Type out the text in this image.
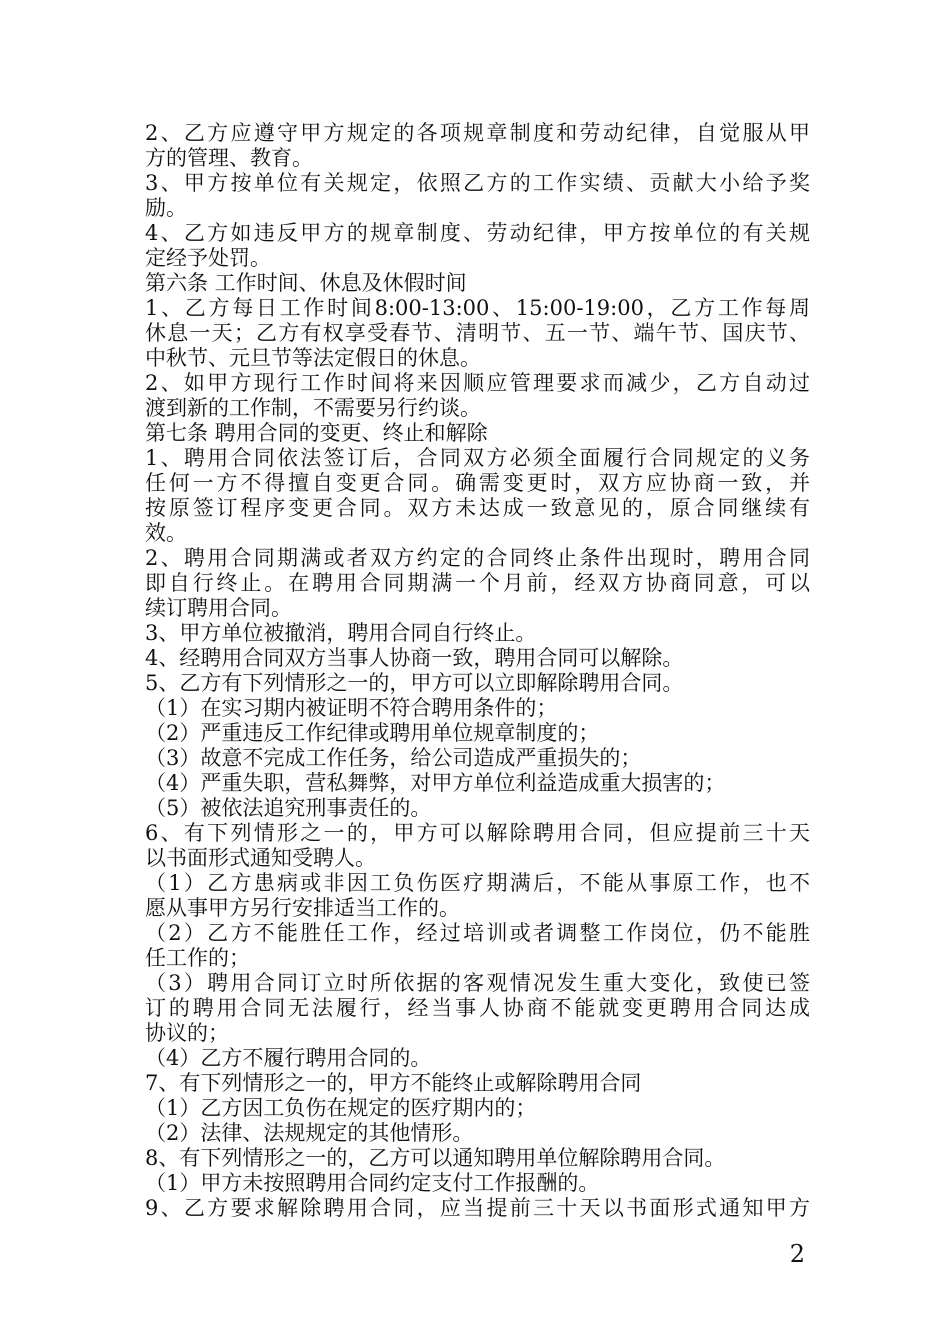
2、乙方应遵守甲方规定的各项规章制度和劳动纪律，自觉服从甲
方的管理、教育。
3、甲方按单位有关规定，依照乙方的工作实绩、贡献大小给予奖
励。
4、乙方如违反甲方的规章制度、劳动纪律，甲方按单位的有关规
定经予处罚。
第六条 工作时间、休息及休假时间
1、乙方每日工作时间8:00-13:00、15:00-19:00，乙方工作每周
休息一天；乙方有权享受春节、清明节、五一节、端午节、国庆节、
中秋节、元旦节等法定假日的休息。
2、如甲方现行工作时间将来因顺应管理要求而减少，乙方自动过
渡到新的工作制，不需要另行约谈。
第七条 聘用合同的变更、终止和解除
1、聘用合同依法签订后，合同双方必须全面履行合同规定的义务
任何一方不得擅自变更合同。确需变更时，双方应协商一致，并
按原签订程序变更合同。双方未达成一致意见的，原合同继续有
效。
2、聘用合同期满或者双方约定的合同终止条件出现时，聘用合同
即自行终止。在聘用合同期满一个月前，经双方协商同意，可以
续订聘用合同。
3、甲方单位被撤消，聘用合同自行终止。
4、经聘用合同双方当事人协商一致，聘用合同可以解除。
5、乙方有下列情形之一的，甲方可以立即解除聘用合同。
（1）在实习期内被证明不符合聘用条件的；
（2）严重违反工作纪律或聘用单位规章制度的；
（3）故意不完成工作任务，给公司造成严重损失的；
（4）严重失职，营私舞弊，对甲方单位利益造成重大损害的；
（5）被依法追究刑事责任的。
6、有下列情形之一的，甲方可以解除聘用合同，但应提前三十天
以书面形式通知受聘人。
（1）乙方患病或非因工负伤医疗期满后，不能从事原工作，也不
愿从事甲方另行安排适当工作的。
（2）乙方不能胜任工作，经过培训或者调整工作岗位，仍不能胜
任工作的；
（3）聘用合同订立时所依据的客观情况发生重大变化，致使已签
订的聘用合同无法履行，经当事人协商不能就变更聘用合同达成
协议的；
（4）乙方不履行聘用合同的。
7、有下列情形之一的，甲方不能终止或解除聘用合同
（1）乙方因工负伤在规定的医疗期内的；
（2）法律、法规规定的其他情形。
8、有下列情形之一的，乙方可以通知聘用单位解除聘用合同。
（1）甲方未按照聘用合同约定支付工作报酬的。
9、乙方要求解除聘用合同，应当提前三十天以书面形式通知甲方
2
